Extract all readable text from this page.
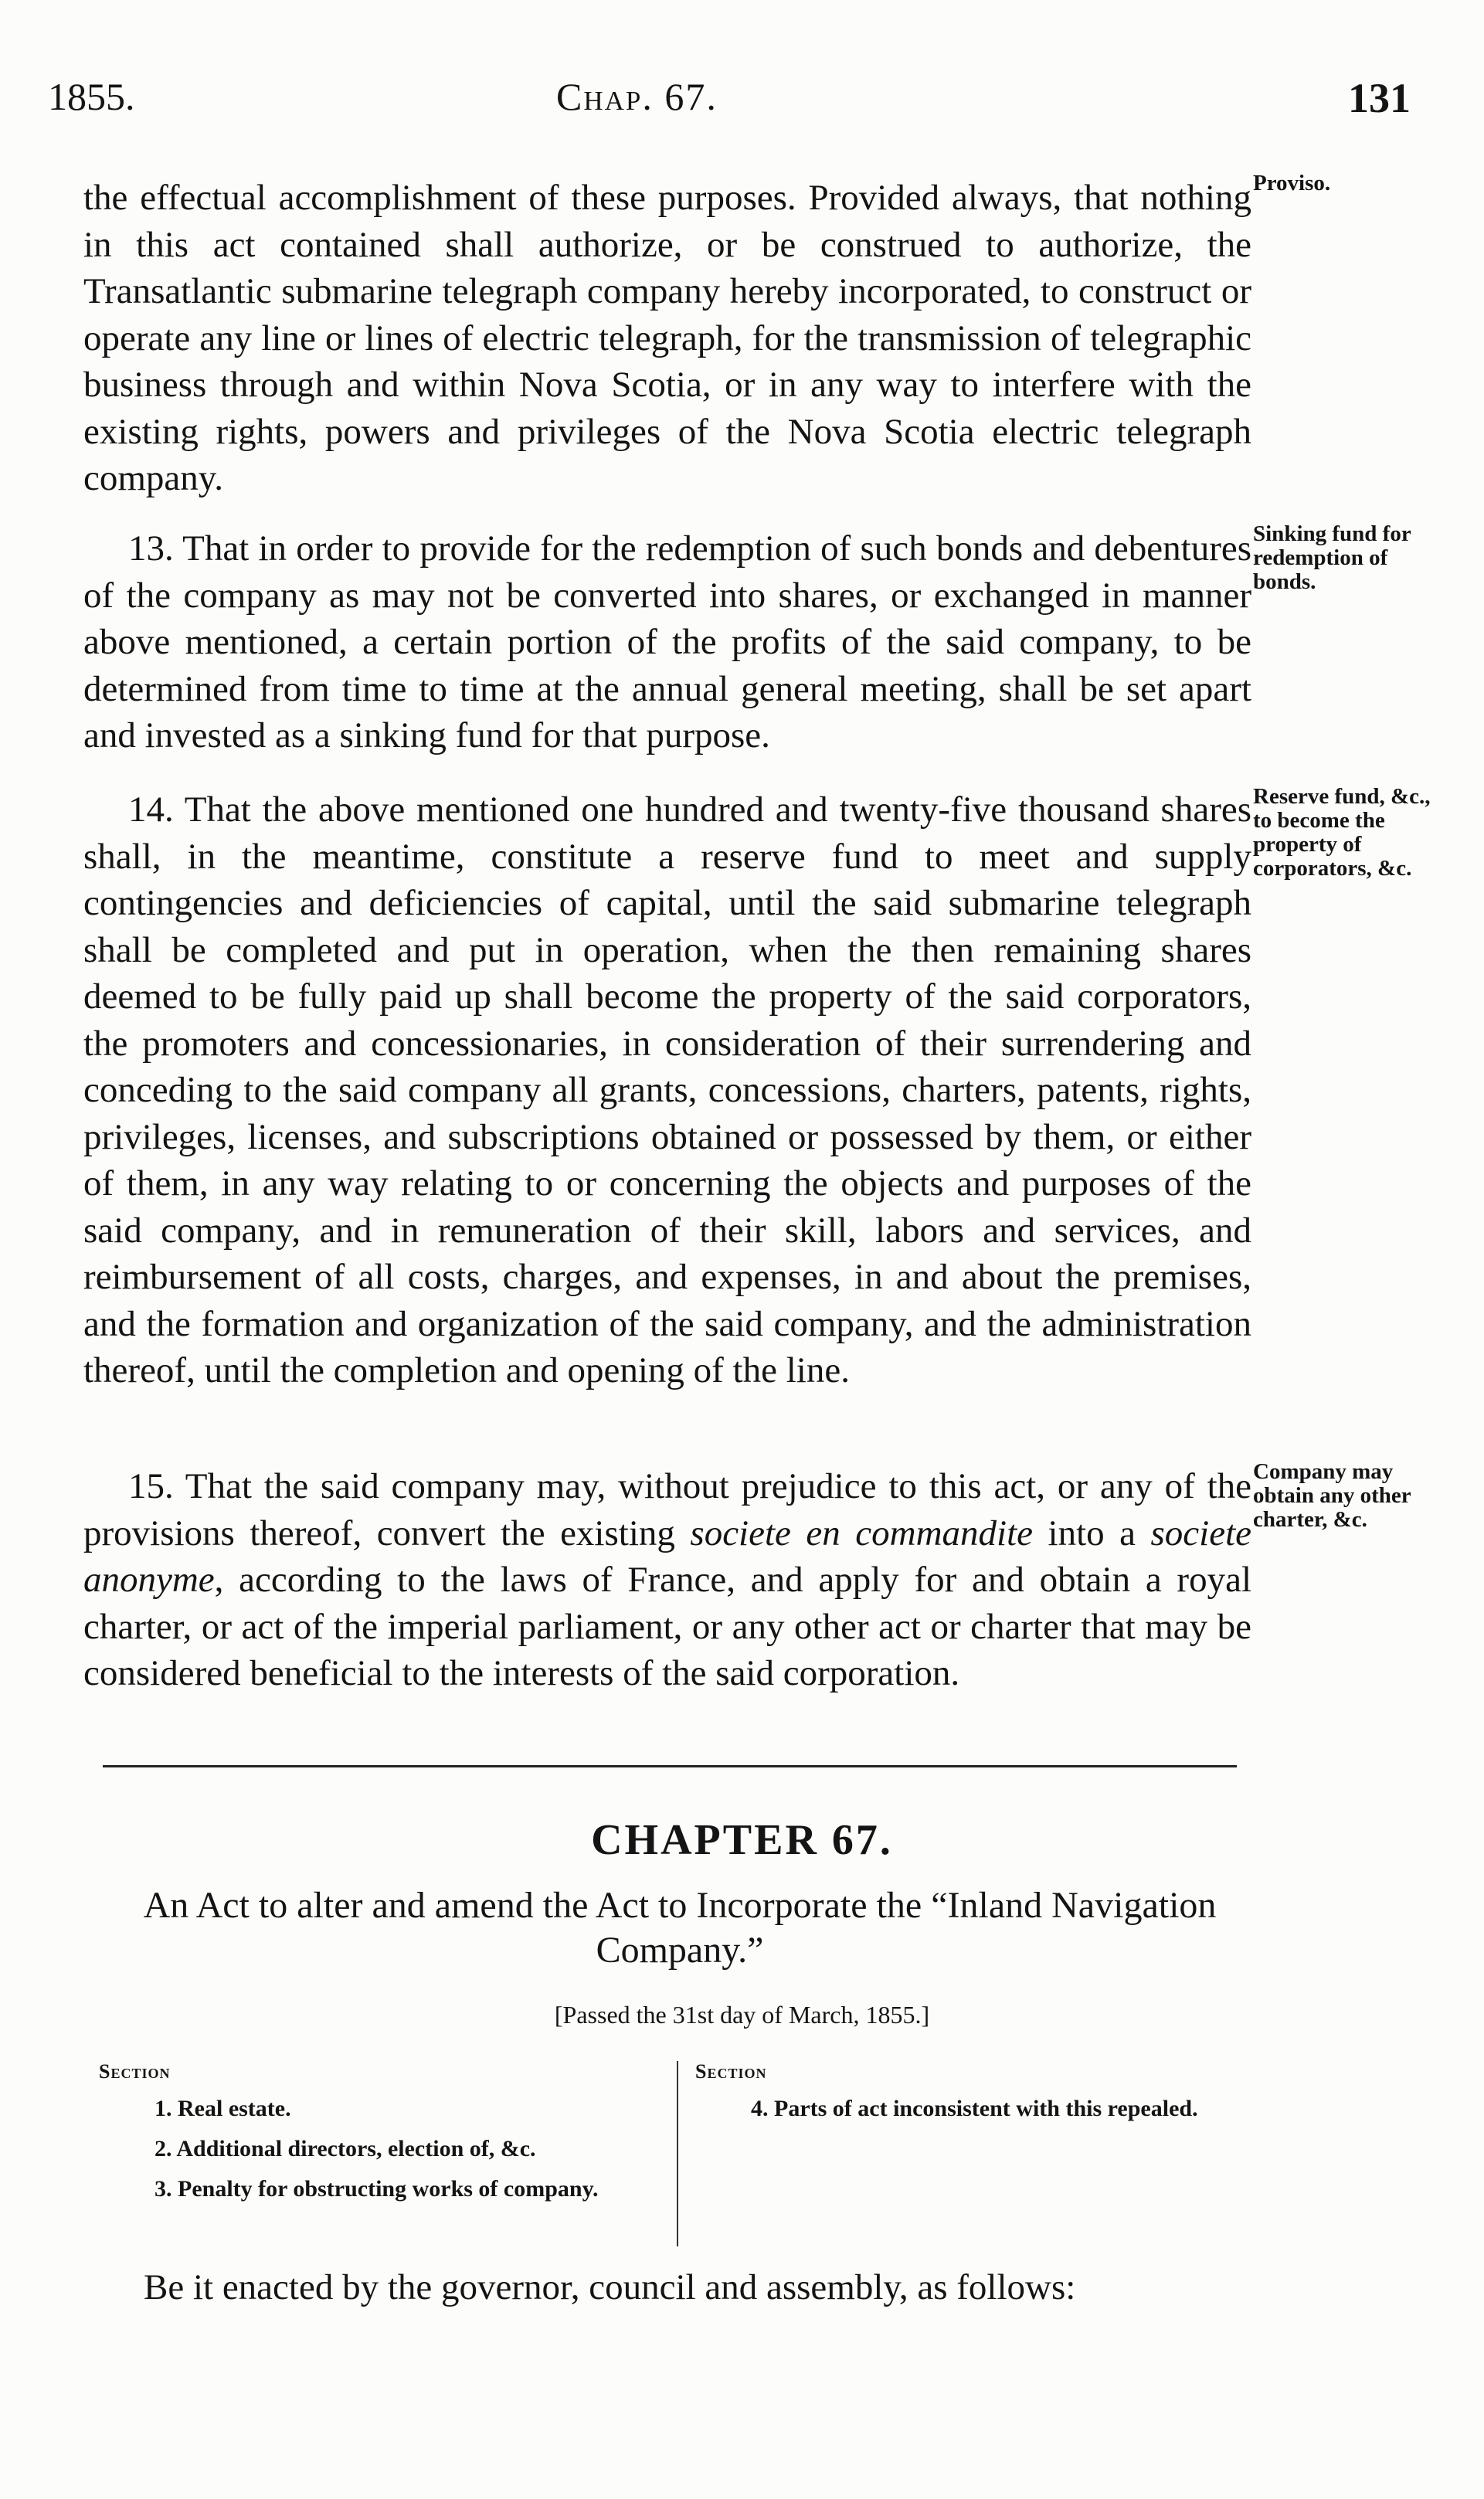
1855.	Chap. 67.	131

the effectual accomplishment of these purposes. Provided always, that nothing in this act contained shall authorize, or be construed to authorize, the Transatlantic submarine telegraph company hereby incorporated, to construct or operate any line or lines of electric telegraph, for the transmission of telegraphic business through and within Nova Scotia, or in any way to interfere with the existing rights, powers and privileges of the Nova Scotia electric telegraph company.

Proviso.

13. That in order to provide for the redemption of such bonds and debentures of the company as may not be converted into shares, or exchanged in manner above mentioned, a certain portion of the profits of the said company, to be determined from time to time at the annual general meeting, shall be set apart and invested as a sinking fund for that purpose.

Sinking fund for redemption of bonds.

14. That the above mentioned one hundred and twenty-five thousand shares shall, in the meantime, constitute a reserve fund to meet and supply contingencies and deficiencies of capital, until the said submarine telegraph shall be completed and put in operation, when the then remaining shares deemed to be fully paid up shall become the property of the said corporators, the promoters and concessionaries, in consideration of their surrendering and conceding to the said company all grants, concessions, charters, patents, rights, privileges, licenses, and subscriptions obtained or possessed by them, or either of them, in any way relating to or concerning the objects and purposes of the said company, and in remuneration of their skill, labors and services, and reimbursement of all costs, charges, and expenses, in and about the premises, and the formation and organization of the said company, and the administration thereof, until the completion and opening of the line.

Reserve fund, &c., to become the property of corporators, &c.

15. That the said company may, without prejudice to this act, or any of the provisions thereof, convert the existing societe en commandite into a societe anonyme, according to the laws of France, and apply for and obtain a royal charter, or act of the imperial parliament, or any other act or charter that may be considered beneficial to the interests of the said corporation.

Company may obtain any other charter, &c.
CHAPTER 67.
An Act to alter and amend the Act to Incorporate the “Inland Navigation Company.”
[Passed the 31st day of March, 1855.]
Section
1. Real estate.
2. Additional directors, election of, &c.
3. Penalty for obstructing works of company.
Section
4. Parts of act inconsistent with this repealed.
Be it enacted by the governor, council and assembly, as follows:
